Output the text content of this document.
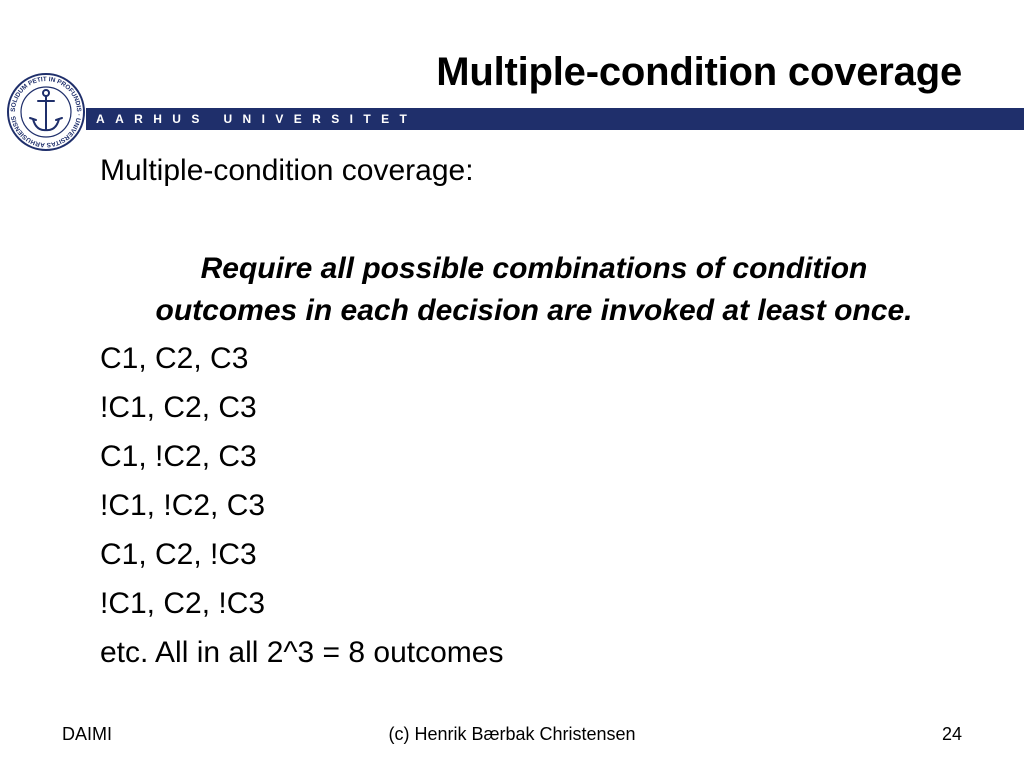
Multiple-condition coverage
SOLIDUM PETIT IN PROFUNDIS · UNIVERSITAS ARHUSIENSIS	AARHUS UNIVERSITET
Multiple-condition coverage:
Require all possible combinations of condition
outcomes in each decision are invoked at least once.
C1, C2, C3
!C1, C2, C3
C1, !C2, C3
!C1, !C2, C3
C1, C2, !C3
!C1, C2, !C3
etc. All in all 2^3 = 8 outcomes
DAIMI	(c) Henrik Bærbak Christensen	24
